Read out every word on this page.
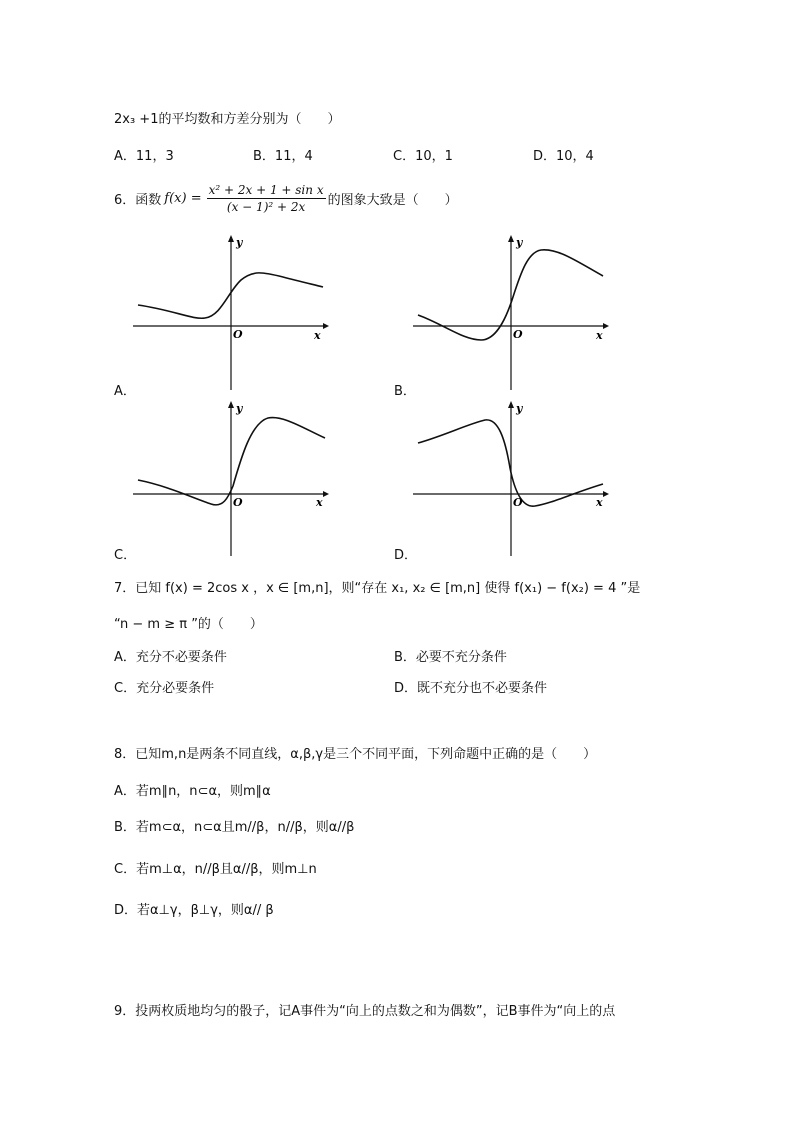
2x₃ +1的平均数和方差分别为（　　）
A．11，3	B．11，4	C．10，1	D．10，4
6． 函数 $f(x) = \frac{\text{x² + 2x + 1 + sin x}}{\text{(x − 1)² + 2x}}$ 的图象大致是（　　）
y
x
O
A．
y
x
O
B．
y
x
O
C．
y
x
O
D．
7．已知 f(x) = 2cos x ，x ∈ [m,n]，则“存在 x₁, x₂ ∈ [m,n] 使得 f(x₁) − f(x₂) = 4 ”是
“n − m ≥ π ”的（　　）
A．充分不必要条件	B．必要不充分条件
C．充分必要条件	D．既不充分也不必要条件
8．已知m,n是两条不同直线，α,β,γ是三个不同平面，下列命题中正确的是（　　）
A．若m∥n，n⊂α，则m∥α
B．若m⊂α，n⊂α且m//β，n//β，则α//β
C．若m⊥α，n//β且α//β，则m⊥n
D．若α⊥γ，β⊥γ，则α// β
9．投两枚质地均匀的骰子，记A事件为“向上的点数之和为偶数”，记B事件为“向上的点
